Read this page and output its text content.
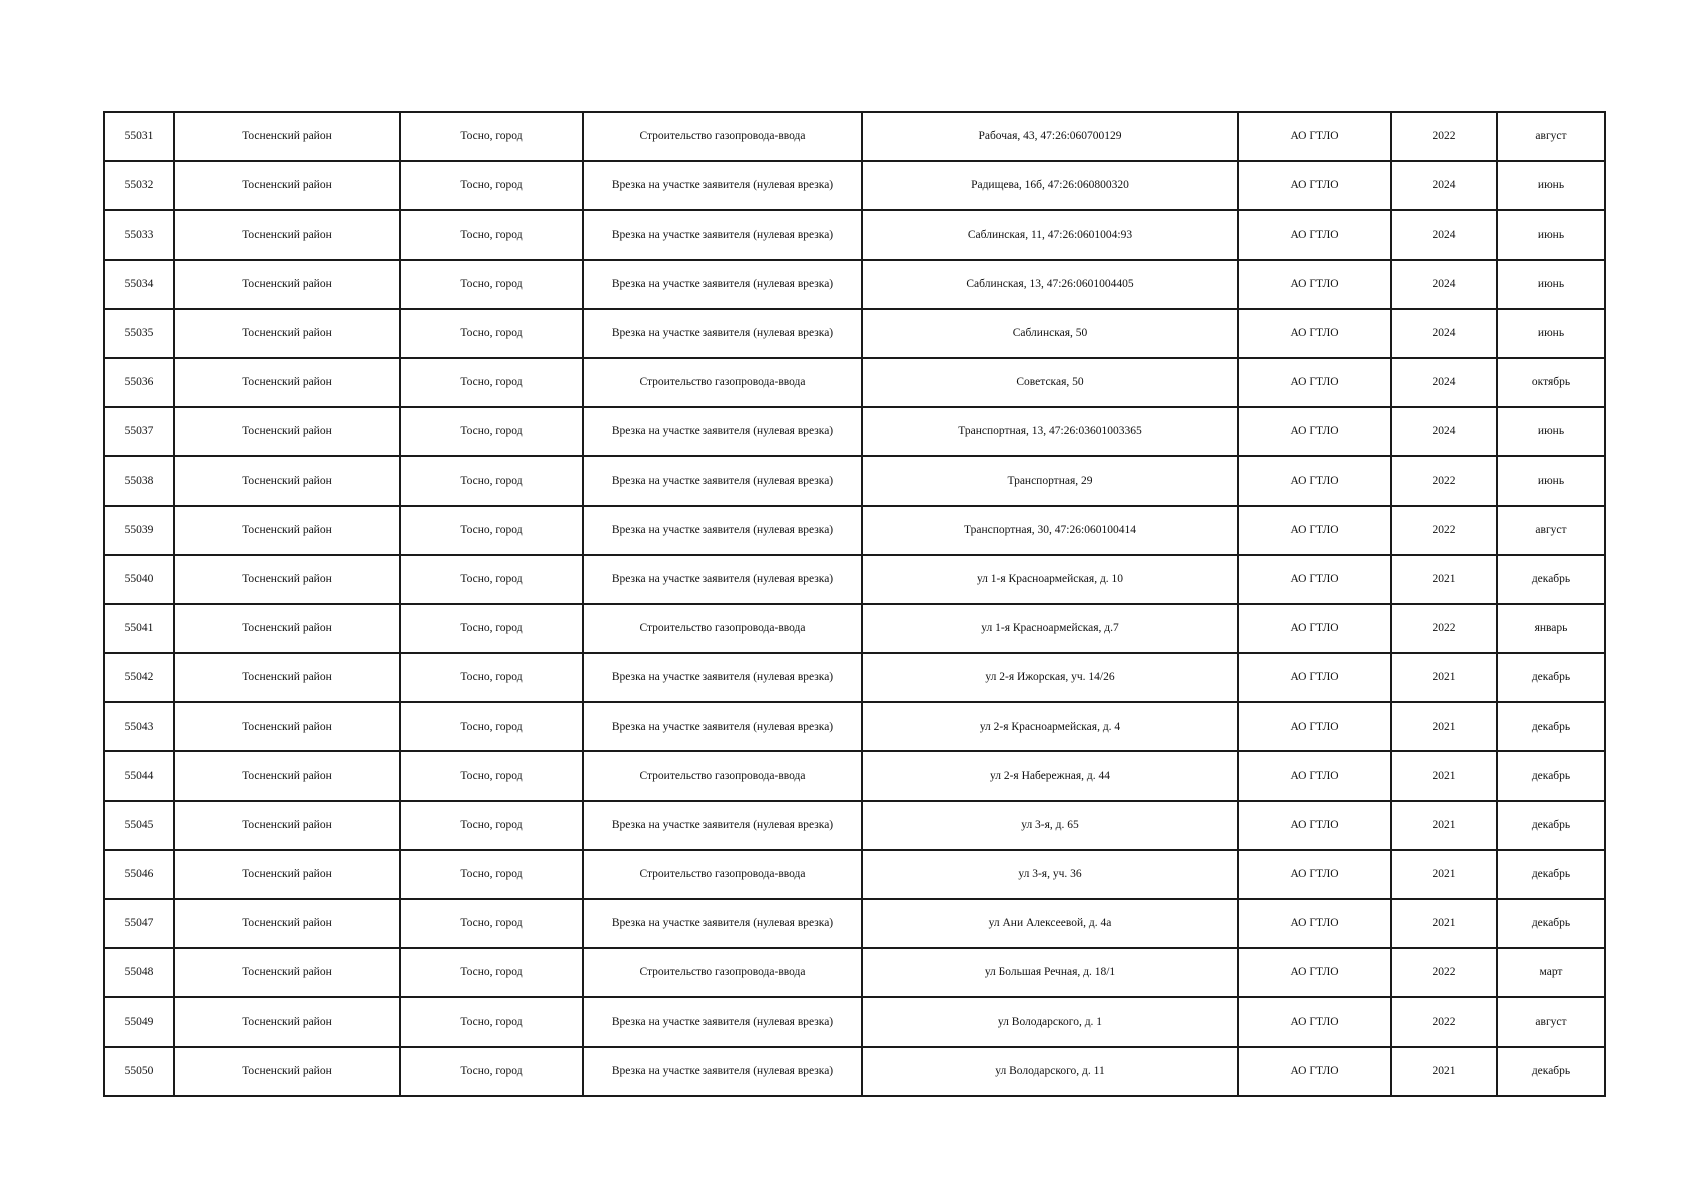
55031	Тосненский район	Тосно, город	Строительство газопровода-ввода	Рабочая, 43, 47:26:060700129	АО ГТЛО	2022	август
55032	Тосненский район	Тосно, город	Врезка на участке заявителя (нулевая врезка)	Радищева, 16б, 47:26:060800320	АО ГТЛО	2024	июнь
55033	Тосненский район	Тосно, город	Врезка на участке заявителя (нулевая врезка)	Саблинская, 11, 47:26:0601004:93	АО ГТЛО	2024	июнь
55034	Тосненский район	Тосно, город	Врезка на участке заявителя (нулевая врезка)	Саблинская, 13, 47:26:0601004405	АО ГТЛО	2024	июнь
55035	Тосненский район	Тосно, город	Врезка на участке заявителя (нулевая врезка)	Саблинская, 50	АО ГТЛО	2024	июнь
55036	Тосненский район	Тосно, город	Строительство газопровода-ввода	Советская, 50	АО ГТЛО	2024	октябрь
55037	Тосненский район	Тосно, город	Врезка на участке заявителя (нулевая врезка)	Транспортная, 13, 47:26:03601003365	АО ГТЛО	2024	июнь
55038	Тосненский район	Тосно, город	Врезка на участке заявителя (нулевая врезка)	Транспортная, 29	АО ГТЛО	2022	июнь
55039	Тосненский район	Тосно, город	Врезка на участке заявителя (нулевая врезка)	Транспортная, 30, 47:26:060100414	АО ГТЛО	2022	август
55040	Тосненский район	Тосно, город	Врезка на участке заявителя (нулевая врезка)	ул 1-я Красноармейская, д. 10	АО ГТЛО	2021	декабрь
55041	Тосненский район	Тосно, город	Строительство газопровода-ввода	ул 1-я Красноармейская, д.7	АО ГТЛО	2022	январь
55042	Тосненский район	Тосно, город	Врезка на участке заявителя (нулевая врезка)	ул 2-я Ижорская, уч. 14/26	АО ГТЛО	2021	декабрь
55043	Тосненский район	Тосно, город	Врезка на участке заявителя (нулевая врезка)	ул 2-я Красноармейская, д. 4	АО ГТЛО	2021	декабрь
55044	Тосненский район	Тосно, город	Строительство газопровода-ввода	ул 2-я Набережная, д. 44	АО ГТЛО	2021	декабрь
55045	Тосненский район	Тосно, город	Врезка на участке заявителя (нулевая врезка)	ул 3-я, д. 65	АО ГТЛО	2021	декабрь
55046	Тосненский район	Тосно, город	Строительство газопровода-ввода	ул 3-я, уч. 36	АО ГТЛО	2021	декабрь
55047	Тосненский район	Тосно, город	Врезка на участке заявителя (нулевая врезка)	ул Ани Алексеевой, д. 4а	АО ГТЛО	2021	декабрь
55048	Тосненский район	Тосно, город	Строительство газопровода-ввода	ул Большая Речная, д. 18/1	АО ГТЛО	2022	март
55049	Тосненский район	Тосно, город	Врезка на участке заявителя (нулевая врезка)	ул Володарского, д. 1	АО ГТЛО	2022	август
55050	Тосненский район	Тосно, город	Врезка на участке заявителя (нулевая врезка)	ул Володарского, д. 11	АО ГТЛО	2021	декабрь
